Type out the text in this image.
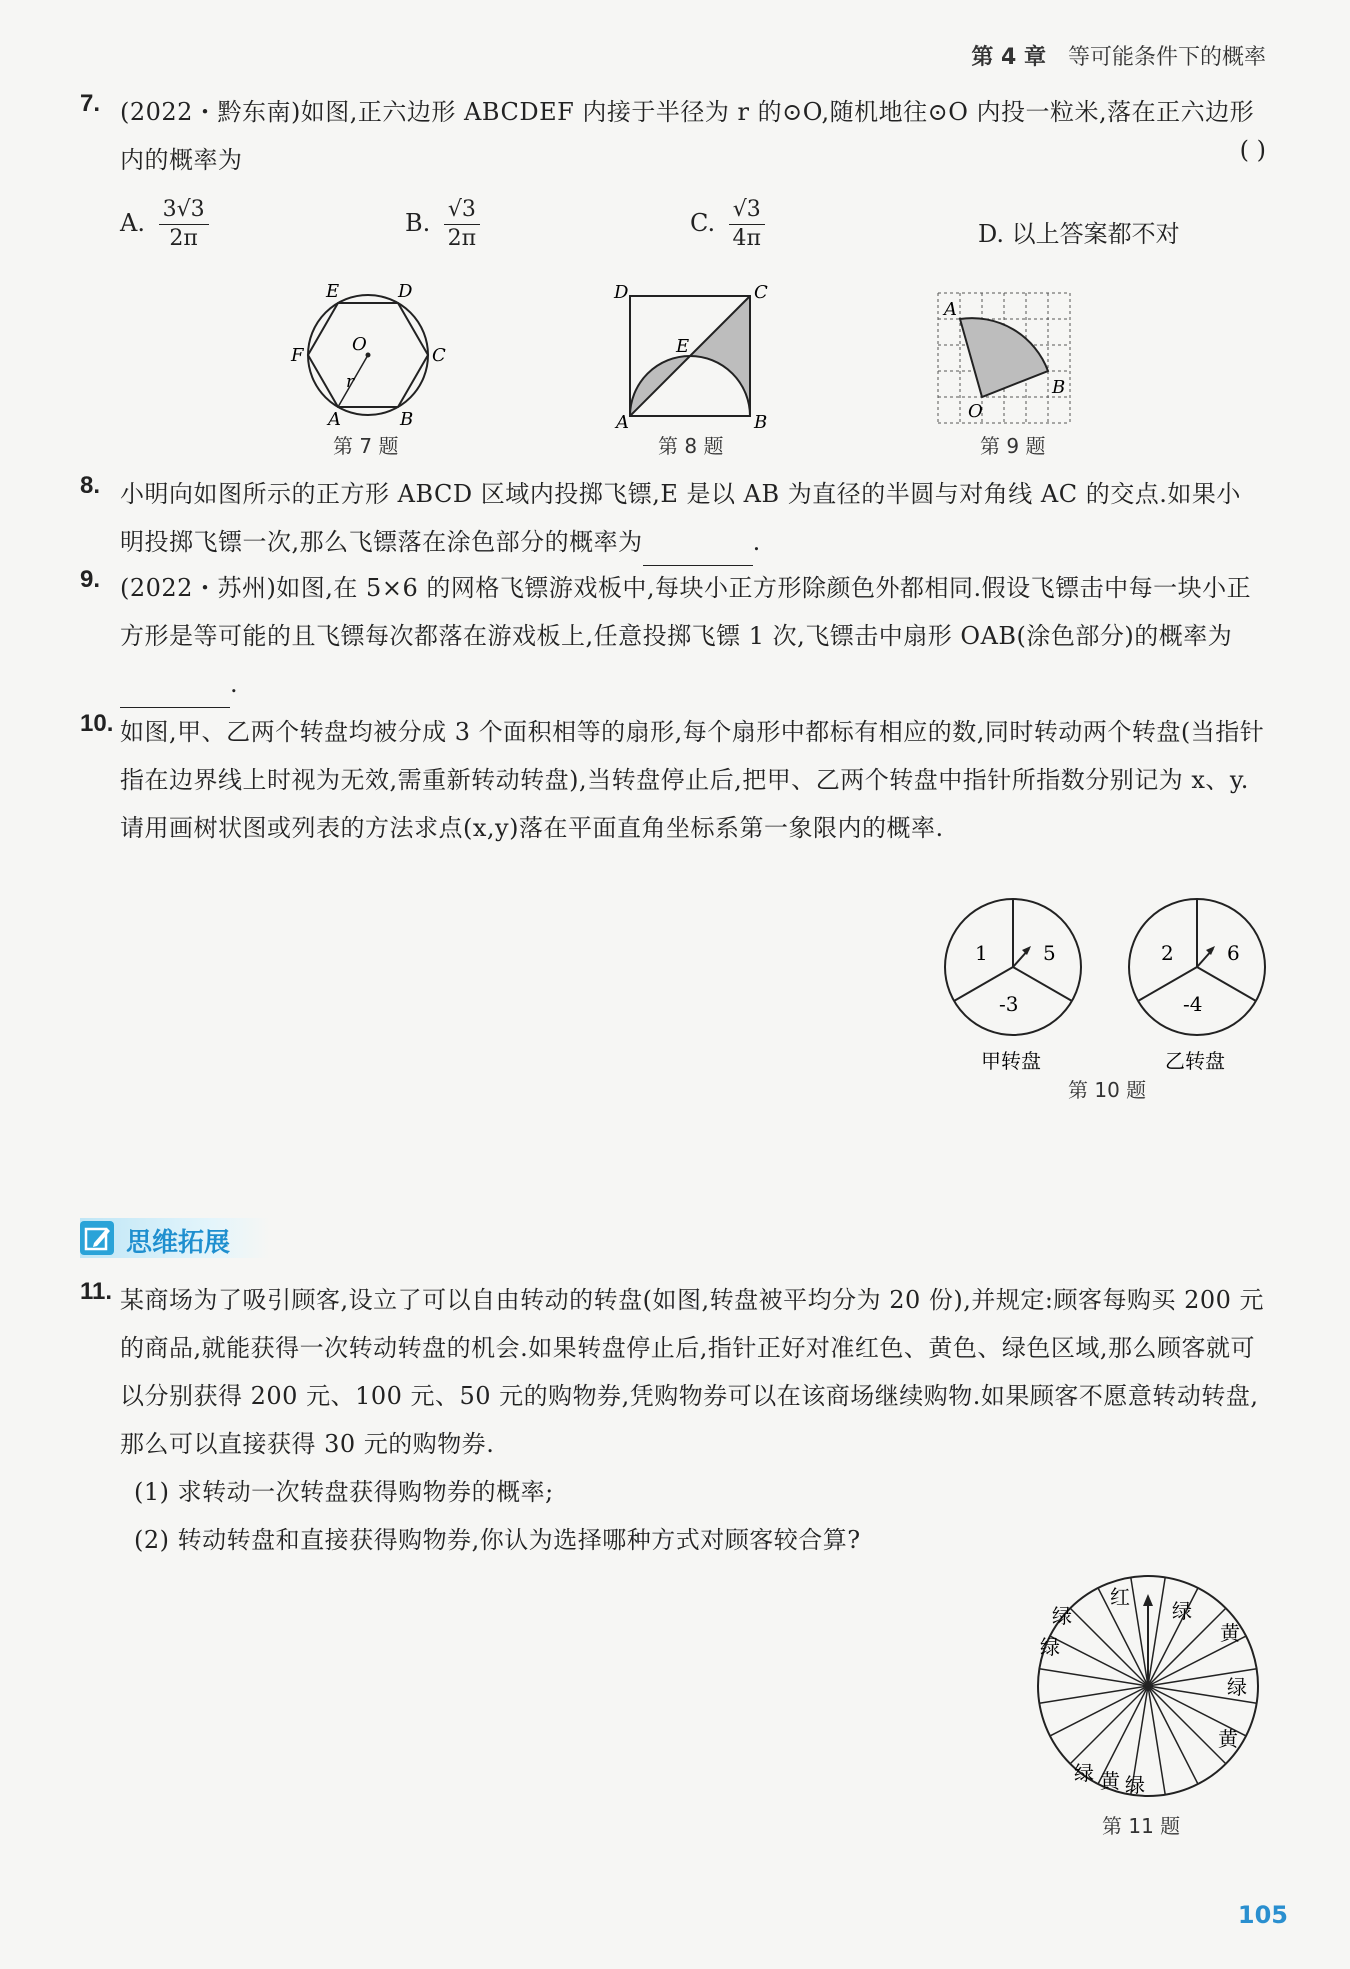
第 4 章 等可能条件下的概率
7. (2022・黔东南)如图,正六边形 ABCDEF 内接于半径为 r 的⊙O,随机地往⊙O 内投一粒米,落在正六边形内的概率为	( )
A. $\frac{3√3}{2\pi}$	B. $\frac{√3}{2\pi}$	C. $\frac{√3}{4\pi}$	D. 以上答案都不对
A	B
C
D
E
F
O
r
第 7 题
A	B
C
D
E
第 8 题
A
B
O
第 9 题
8. 小明向如图所示的正方形 ABCD 区域内投掷飞镖,E 是以 AB 为直径的半圆与对角线 AC 的交点.如果小明投掷飞镖一次,那么飞镖落在涂色部分的概率为	.
9. (2022・苏州)如图,在 5×6 的网格飞镖游戏板中,每块小正方形除颜色外都相同.假设飞镖击中每一块小正方形是等可能的且飞镖每次都落在游戏板上,任意投掷飞镖 1 次,飞镖击中扇形 OAB(涂色部分)的概率为.
10. 如图,甲、乙两个转盘均被分成 3 个面积相等的扇形,每个扇形中都标有相应的数,同时转动两个转盘(当指针指在边界线上时视为无效,需重新转动转盘),当转盘停止后,把甲、乙两个转盘中指针所指数分别记为 x、y.请用画树状图或列表的方法求点(x,y)落在平面直角坐标系第一象限内的概率.
1	5
-3
2	6
-4
甲转盘	乙转盘
第 10 题
思维拓展
11. 某商场为了吸引顾客,设立了可以自由转动的转盘(如图,转盘被平均分为 20 份),并规定:顾客每购买 200 元的商品,就能获得一次转动转盘的机会.如果转盘停止后,指针正好对准红色、黄色、绿色区域,那么顾客就可以分别获得 200 元、100 元、50 元的购物券,凭购物券可以在该商场继续购物.如果顾客不愿意转动转盘,那么可以直接获得 30 元的购物券.
(1) 求转动一次转盘获得购物券的概率;
(2) 转动转盘和直接获得购物券,你认为选择哪种方式对顾客较合算?
红
绿
黄
绿
绿
绿
黄
绿 绿
黄
第 11 题
105
